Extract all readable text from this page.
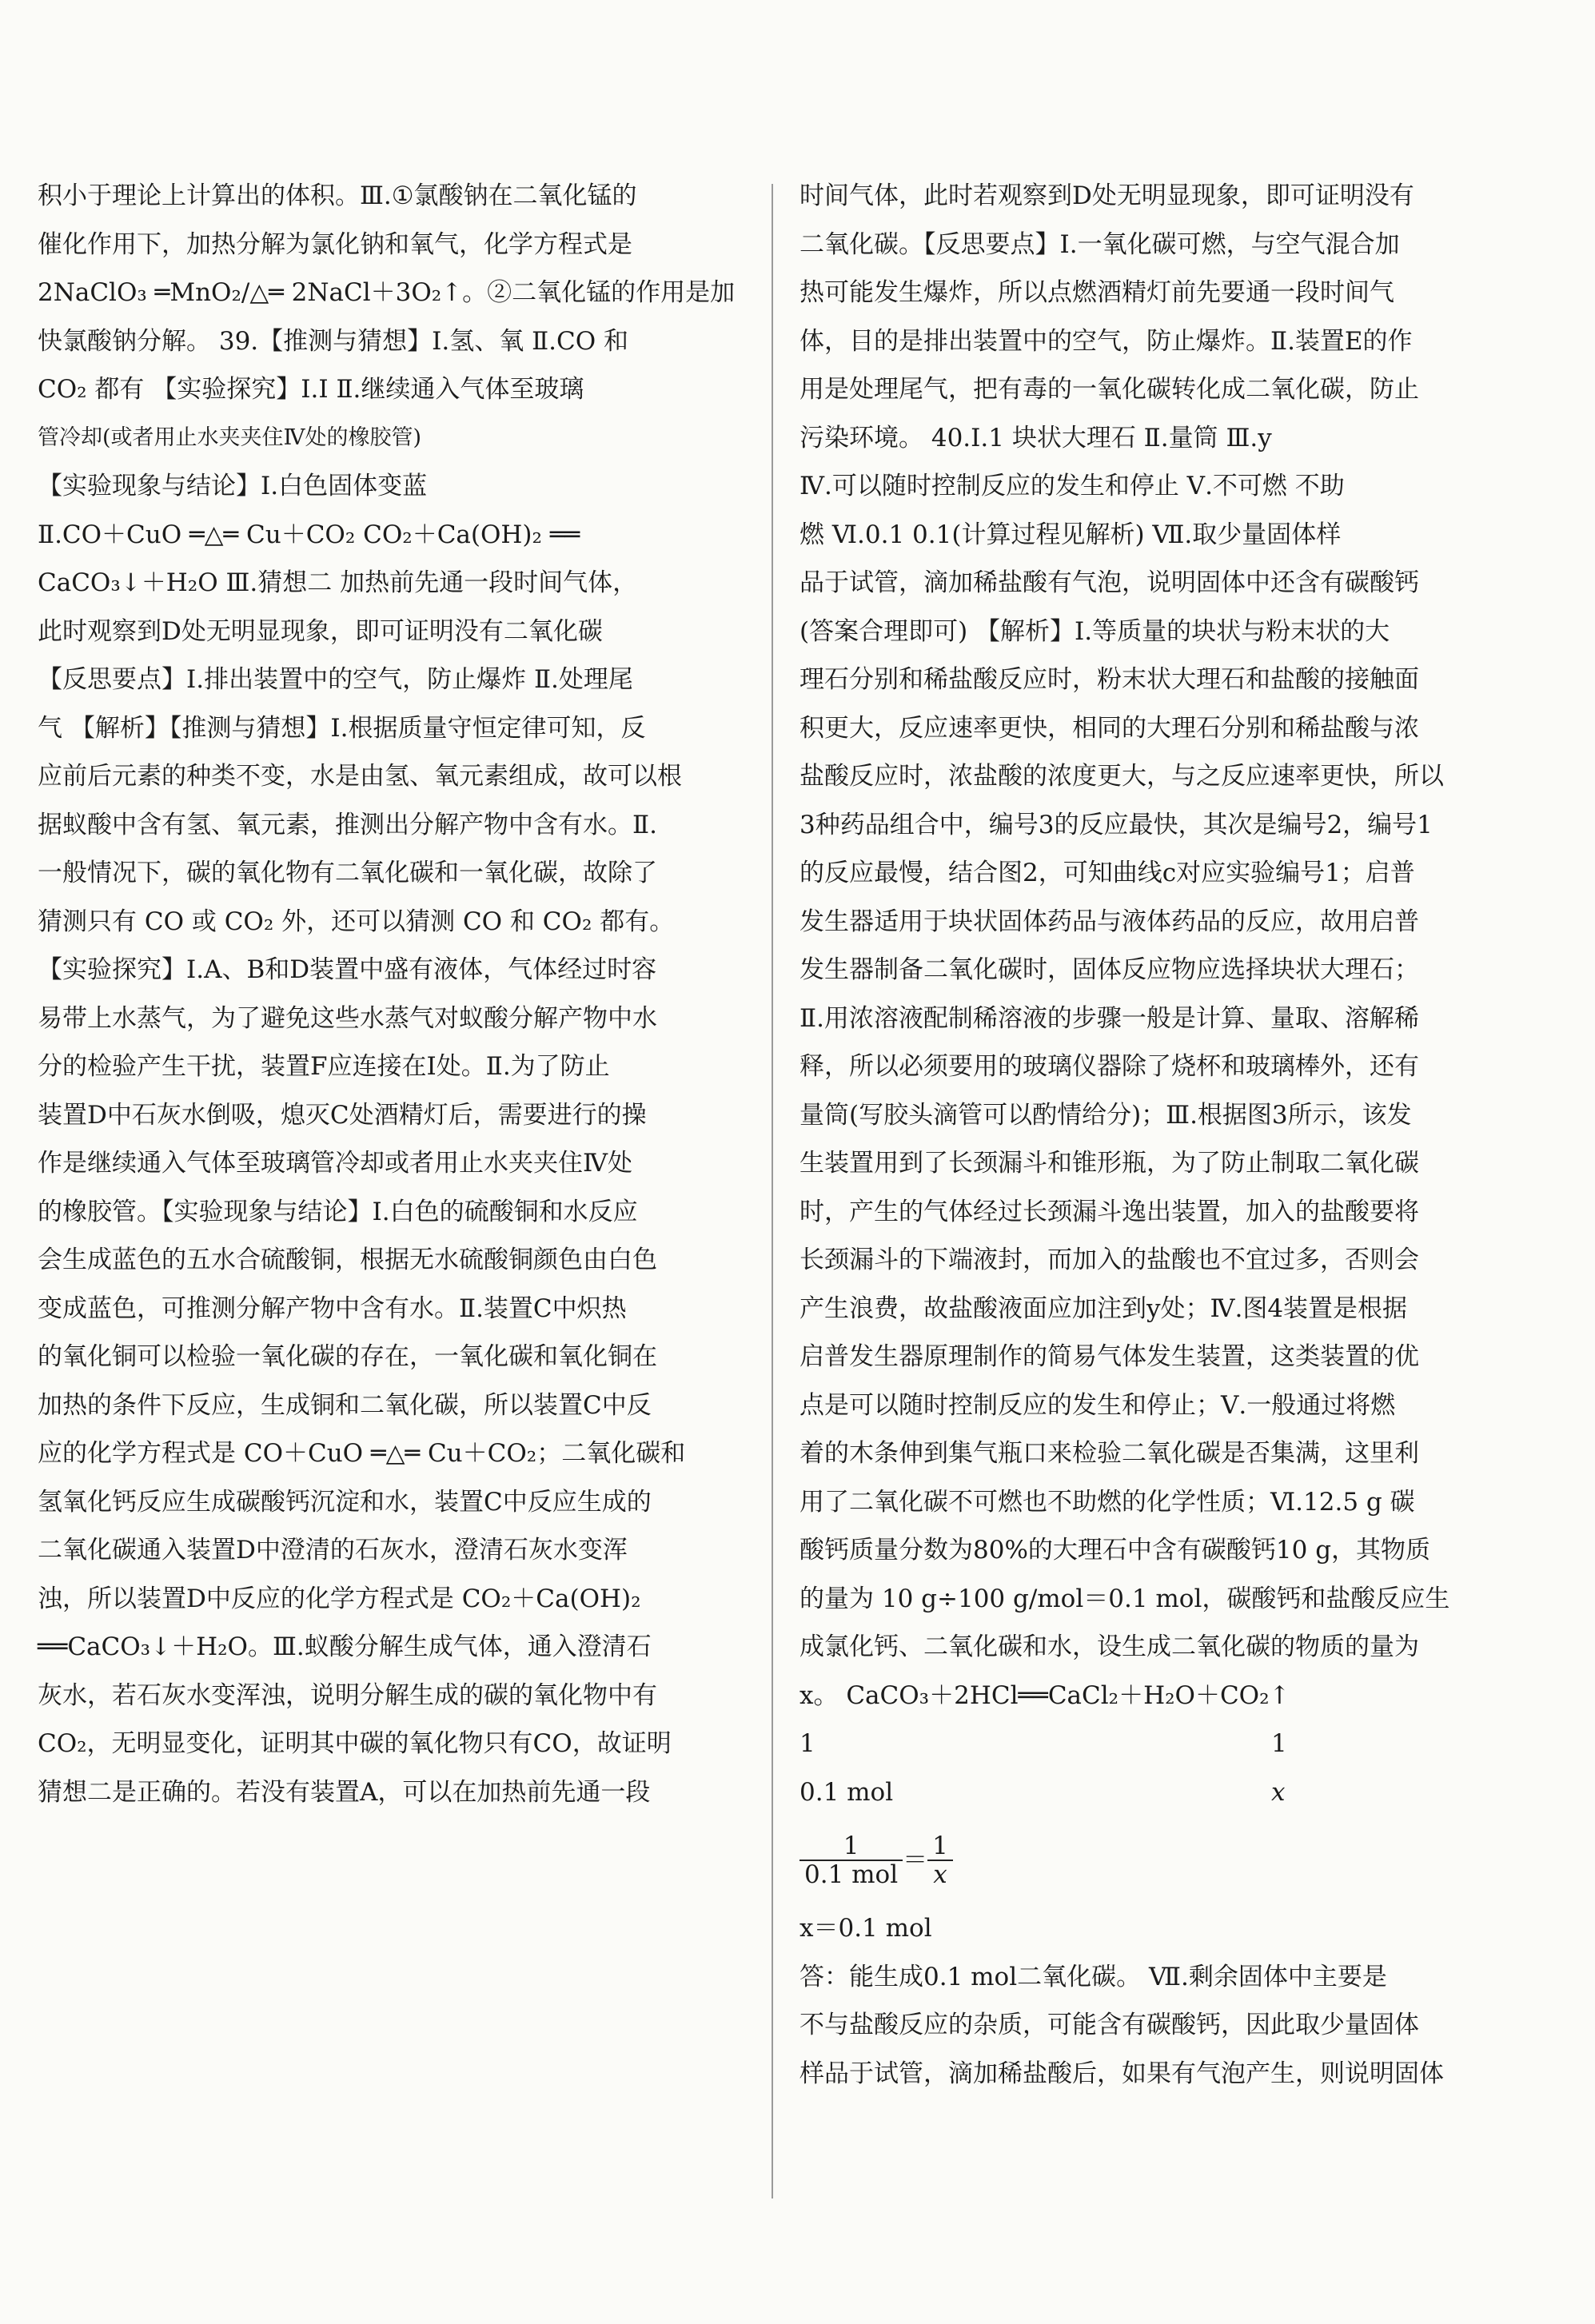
积小于理论上计算出的体积。Ⅲ.①氯酸钠在二氧化锰的
催化作用下，加热分解为氯化钠和氧气，化学方程式是
2NaClO₃ ═MnO₂/△═ 2NaCl＋3O₂↑。②二氧化锰的作用是加
快氯酸钠分解。 39.【推测与猜想】Ⅰ.氢、氧 Ⅱ.CO 和
CO₂ 都有 【实验探究】Ⅰ.Ⅰ Ⅱ.继续通入气体至玻璃
管冷却(或者用止水夹夹住Ⅳ处的橡胶管)
【实验现象与结论】Ⅰ.白色固体变蓝
Ⅱ.CO＋CuO ═△═ Cu＋CO₂ CO₂＋Ca(OH)₂ ══
CaCO₃↓＋H₂O Ⅲ.猜想二 加热前先通一段时间气体，
此时观察到D处无明显现象，即可证明没有二氧化碳
【反思要点】Ⅰ.排出装置中的空气，防止爆炸 Ⅱ.处理尾
气 【解析】【推测与猜想】Ⅰ.根据质量守恒定律可知，反
应前后元素的种类不变，水是由氢、氧元素组成，故可以根
据蚁酸中含有氢、氧元素，推测出分解产物中含有水。Ⅱ.
一般情况下，碳的氧化物有二氧化碳和一氧化碳，故除了
猜测只有 CO 或 CO₂ 外，还可以猜测 CO 和 CO₂ 都有。
【实验探究】Ⅰ.A、B和D装置中盛有液体，气体经过时容
易带上水蒸气，为了避免这些水蒸气对蚁酸分解产物中水
分的检验产生干扰，装置F应连接在Ⅰ处。Ⅱ.为了防止
装置D中石灰水倒吸，熄灭C处酒精灯后，需要进行的操
作是继续通入气体至玻璃管冷却或者用止水夹夹住Ⅳ处
的橡胶管。【实验现象与结论】Ⅰ.白色的硫酸铜和水反应
会生成蓝色的五水合硫酸铜，根据无水硫酸铜颜色由白色
变成蓝色，可推测分解产物中含有水。Ⅱ.装置C中炽热
的氧化铜可以检验一氧化碳的存在，一氧化碳和氧化铜在
加热的条件下反应，生成铜和二氧化碳，所以装置C中反
应的化学方程式是 CO＋CuO ═△═ Cu＋CO₂；二氧化碳和
氢氧化钙反应生成碳酸钙沉淀和水，装置C中反应生成的
二氧化碳通入装置D中澄清的石灰水，澄清石灰水变浑
浊，所以装置D中反应的化学方程式是 CO₂＋Ca(OH)₂
══CaCO₃↓＋H₂O。Ⅲ.蚁酸分解生成气体，通入澄清石
灰水，若石灰水变浑浊，说明分解生成的碳的氧化物中有
CO₂，无明显变化，证明其中碳的氧化物只有CO，故证明
猜想二是正确的。若没有装置A，可以在加热前先通一段
时间气体，此时若观察到D处无明显现象，即可证明没有
二氧化碳。【反思要点】Ⅰ.一氧化碳可燃，与空气混合加
热可能发生爆炸，所以点燃酒精灯前先要通一段时间气
体，目的是排出装置中的空气，防止爆炸。Ⅱ.装置E的作
用是处理尾气，把有毒的一氧化碳转化成二氧化碳，防止
污染环境。 40.Ⅰ.1 块状大理石 Ⅱ.量筒 Ⅲ.y
Ⅳ.可以随时控制反应的发生和停止 Ⅴ.不可燃 不助
燃 Ⅵ.0.1 0.1(计算过程见解析) Ⅶ.取少量固体样
品于试管，滴加稀盐酸有气泡，说明固体中还含有碳酸钙
(答案合理即可) 【解析】Ⅰ.等质量的块状与粉末状的大
理石分别和稀盐酸反应时，粉末状大理石和盐酸的接触面
积更大，反应速率更快，相同的大理石分别和稀盐酸与浓
盐酸反应时，浓盐酸的浓度更大，与之反应速率更快，所以
3种药品组合中，编号3的反应最快，其次是编号2，编号1
的反应最慢，结合图2，可知曲线c对应实验编号1；启普
发生器适用于块状固体药品与液体药品的反应，故用启普
发生器制备二氧化碳时，固体反应物应选择块状大理石；
Ⅱ.用浓溶液配制稀溶液的步骤一般是计算、量取、溶解稀
释，所以必须要用的玻璃仪器除了烧杯和玻璃棒外，还有
量筒(写胶头滴管可以酌情给分)；Ⅲ.根据图3所示，该发
生装置用到了长颈漏斗和锥形瓶，为了防止制取二氧化碳
时，产生的气体经过长颈漏斗逸出装置，加入的盐酸要将
长颈漏斗的下端液封，而加入的盐酸也不宜过多，否则会
产生浪费，故盐酸液面应加注到y处；Ⅳ.图4装置是根据
启普发生器原理制作的简易气体发生装置，这类装置的优
点是可以随时控制反应的发生和停止；Ⅴ.一般通过将燃
着的木条伸到集气瓶口来检验二氧化碳是否集满，这里利
用了二氧化碳不可燃也不助燃的化学性质；Ⅵ.12.5 g 碳
酸钙质量分数为80%的大理石中含有碳酸钙10 g，其物质
的量为 10 g÷100 g/mol＝0.1 mol，碳酸钙和盐酸反应生
成氯化钙、二氧化碳和水，设生成二氧化碳的物质的量为
x。 CaCO₃＋2HCl══CaCl₂＋H₂O＋CO₂↑
1	1
0.1 mol	x
$\frac{1}{\text{0.1 mol}} = \frac{1}{x}$
x＝0.1 mol
答：能生成0.1 mol二氧化碳。 Ⅶ.剩余固体中主要是
不与盐酸反应的杂质，可能含有碳酸钙，因此取少量固体
样品于试管，滴加稀盐酸后，如果有气泡产生，则说明固体
